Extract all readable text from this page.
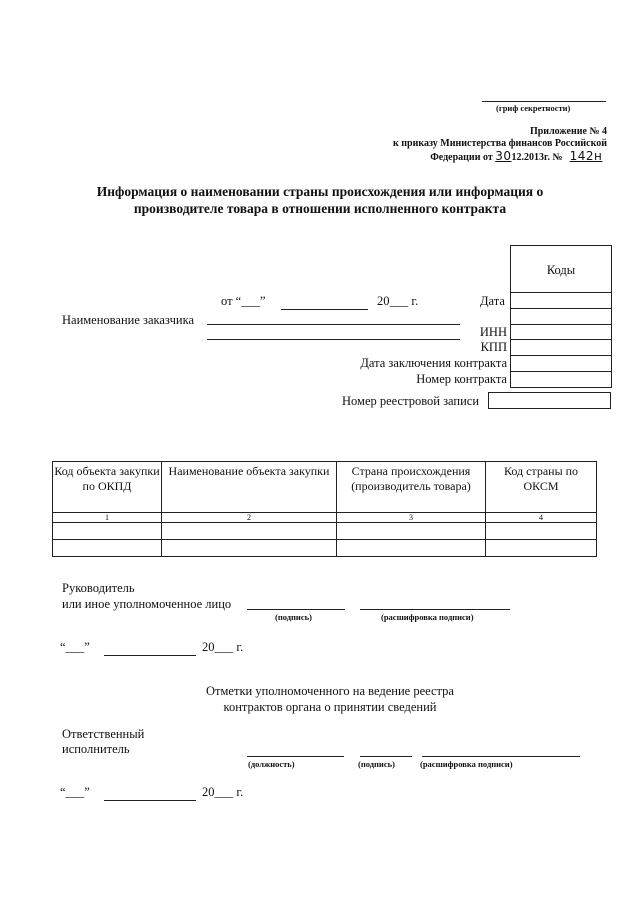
(гриф секретности)
Приложение № 4
к приказу Министерства финансов Российской
Федерации от 3012.2013г. № 142н
Информация о наименовании страны происхождения или информация о
производителе товара в отношении исполненного контракта
Коды
от “___”	20___ г.	Дата
Наименование заказчика
ИНН
КПП
Дата заключения контракта
Номер контракта
Номер реестровой записи
Код объекта закупки по ОКПД	Наименование объекта закупки	Страна происхождения (производитель товара)	Код страны по ОКСМ
1	2	3	4

Руководитель
или иное уполномоченное лицо
(подпись)	(расшифровка подписи)
“___”	20___ г.
Отметки уполномоченного на ведение реестра
контрактов органа о принятии сведений
Ответственный
исполнитель
(должность)	(подпись)	(расшифровка подписи)
“___”	20___ г.
